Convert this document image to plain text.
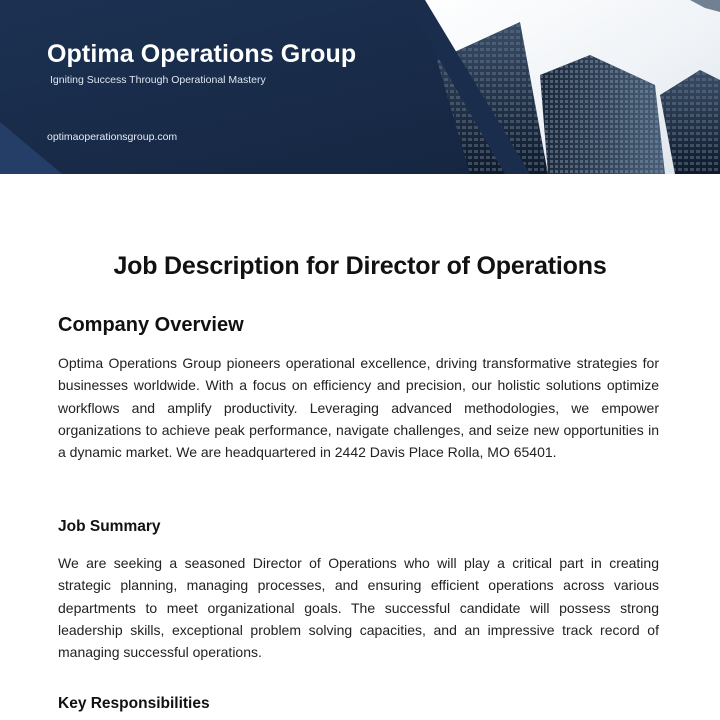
Optima Operations Group
Igniting Success Through Operational Mastery
optimaoperationsgroup.com
Job Description for Director of Operations
Company Overview

Optima Operations Group pioneers operational excellence, driving transformative strategies for businesses worldwide. With a focus on efficiency and precision, our holistic solutions optimize workflows and amplify productivity. Leveraging advanced methodologies, we empower organizations to achieve peak performance, navigate challenges, and seize new opportunities in a dynamic market. We are headquartered in 2442 Davis Place Rolla, MO 65401.

Job Summary

We are seeking a seasoned Director of Operations who will play a critical part in creating strategic planning, managing processes, and ensuring efficient operations across various departments to meet organizational goals. The successful candidate will possess strong leadership skills, exceptional problem solving capacities, and an impressive track record of managing successful operations.

Key Responsibilities
